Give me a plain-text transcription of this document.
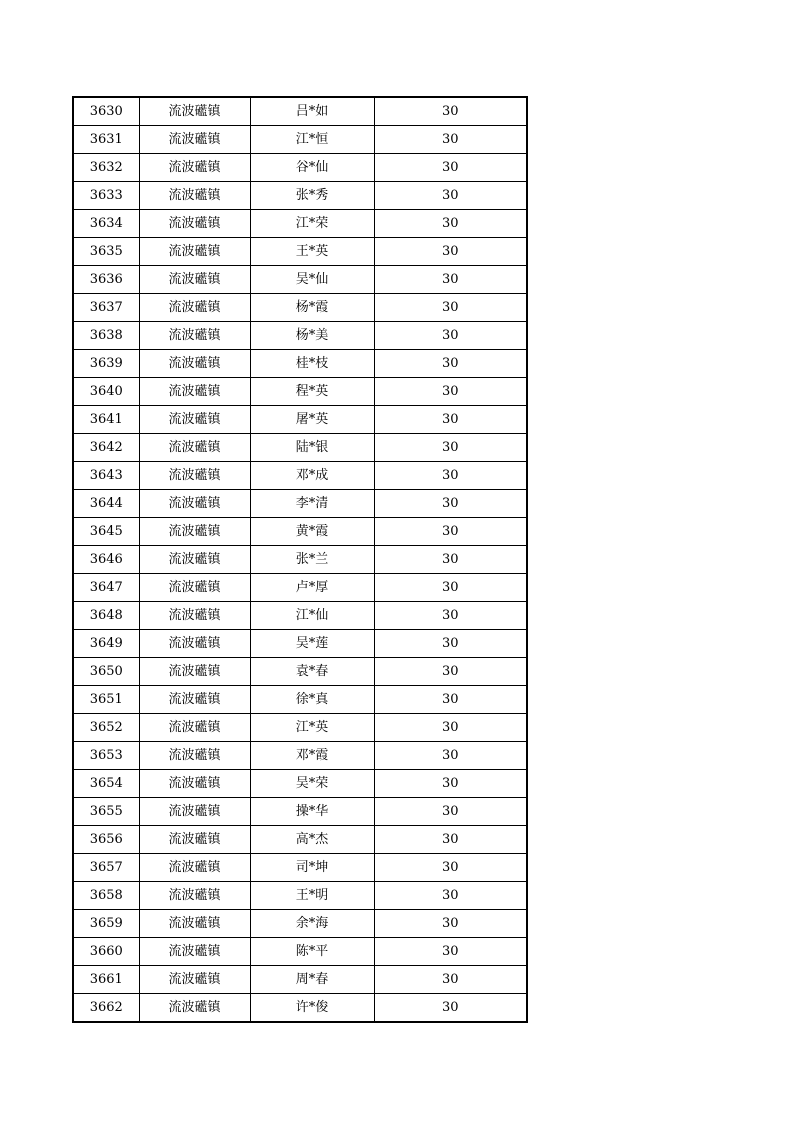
3630	流波礷镇	吕*如	30
3631	流波礷镇	江*恒	30
3632	流波礷镇	谷*仙	30
3633	流波礷镇	张*秀	30
3634	流波礷镇	江*荣	30
3635	流波礷镇	王*英	30
3636	流波礷镇	吴*仙	30
3637	流波礷镇	杨*霞	30
3638	流波礷镇	杨*美	30
3639	流波礷镇	桂*枝	30
3640	流波礷镇	程*英	30
3641	流波礷镇	屠*英	30
3642	流波礷镇	陆*银	30
3643	流波礷镇	邓*成	30
3644	流波礷镇	李*清	30
3645	流波礷镇	黄*霞	30
3646	流波礷镇	张*兰	30
3647	流波礷镇	卢*厚	30
3648	流波礷镇	江*仙	30
3649	流波礷镇	吴*莲	30
3650	流波礷镇	袁*春	30
3651	流波礷镇	徐*真	30
3652	流波礷镇	江*英	30
3653	流波礷镇	邓*霞	30
3654	流波礷镇	吴*荣	30
3655	流波礷镇	操*华	30
3656	流波礷镇	高*杰	30
3657	流波礷镇	司*坤	30
3658	流波礷镇	王*明	30
3659	流波礷镇	余*海	30
3660	流波礷镇	陈*平	30
3661	流波礷镇	周*春	30
3662	流波礷镇	许*俊	30
